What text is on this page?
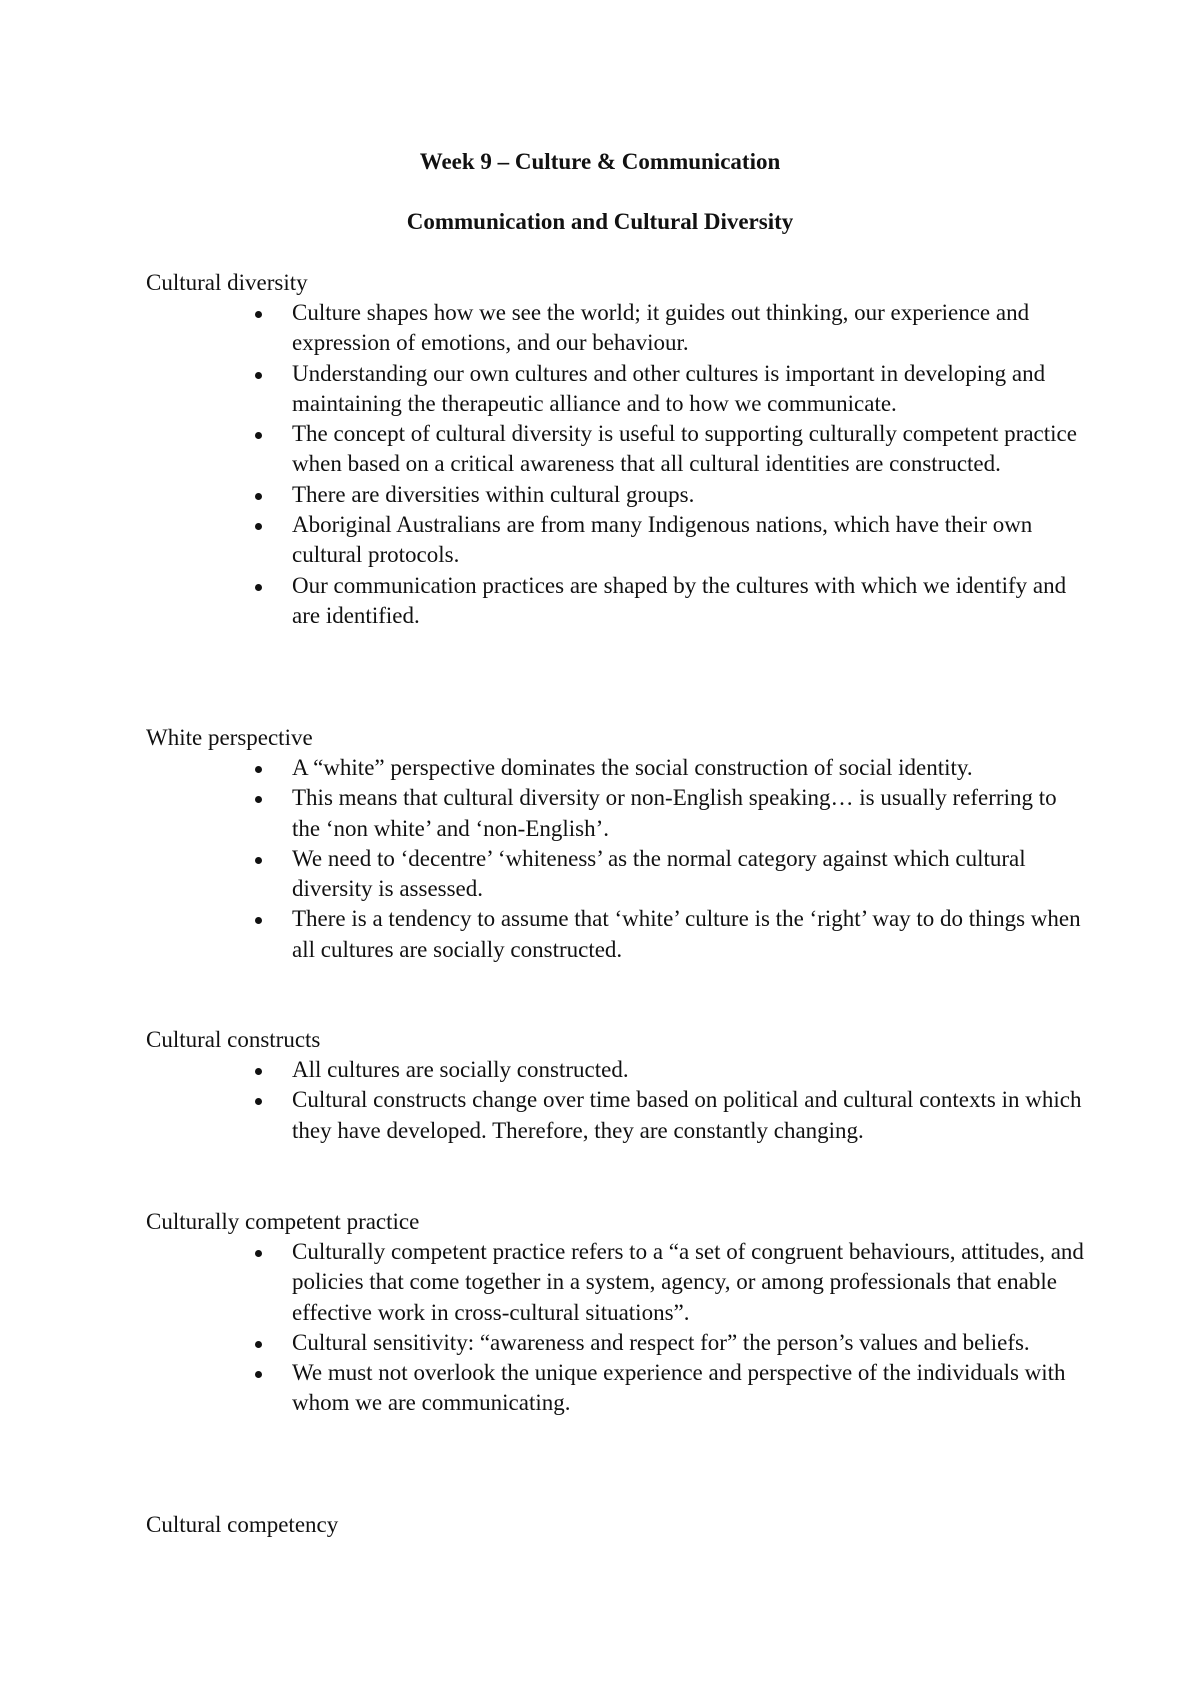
Week 9 – Culture & Communication
Communication and Cultural Diversity

Cultural diversity

Culture shapes how we see the world; it guides out thinking, our experience and expression of emotions, and our behaviour.
Understanding our own cultures and other cultures is important in developing and maintaining the therapeutic alliance and to how we communicate.
The concept of cultural diversity is useful to supporting culturally competent practice when based on a critical awareness that all cultural identities are constructed.
There are diversities within cultural groups.
Aboriginal Australians are from many Indigenous nations, which have their own cultural protocols.
Our communication practices are shaped by the cultures with which we identify and are identified.

White perspective

A “white” perspective dominates the social construction of social identity.
This means that cultural diversity or non-English speaking… is usually referring to the ‘non white’ and ‘non-English’.
We need to ‘decentre’ ‘whiteness’ as the normal category against which cultural diversity is assessed.
There is a tendency to assume that ‘white’ culture is the ‘right’ way to do things when all cultures are socially constructed.

Cultural constructs

All cultures are socially constructed.
Cultural constructs change over time based on political and cultural contexts in which they have developed. Therefore, they are constantly changing.

Culturally competent practice

Culturally competent practice refers to a “a set of congruent behaviours, attitudes, and policies that come together in a system, agency, or among professionals that enable effective work in cross-cultural situations”.
Cultural sensitivity: “awareness and respect for” the person’s values and beliefs.
We must not overlook the unique experience and perspective of the individuals with whom we are communicating.

Cultural competency
